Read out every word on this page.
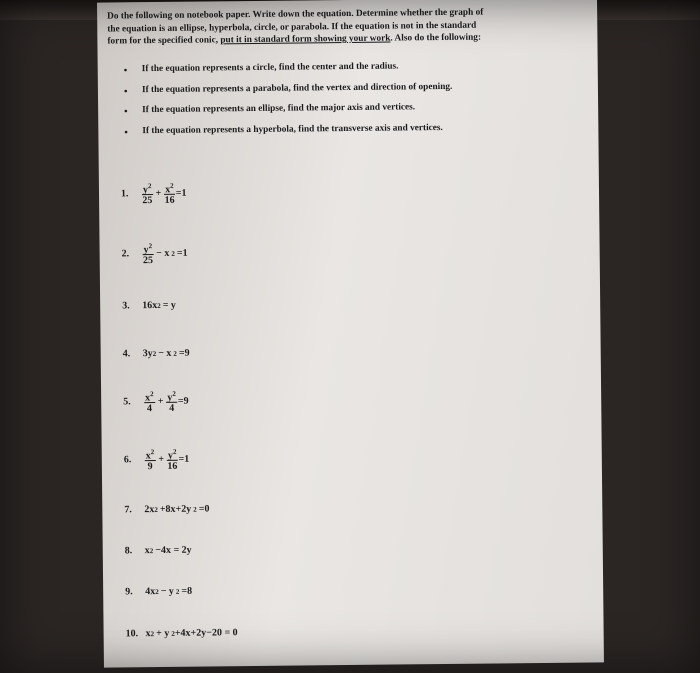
Do the following on notebook paper. Write down the equation. Determine whether the graph of
the equation is an ellipse, hyperbola, circle, or parabola. If the equation is not in the standard
form for the specified conic, put it in standard form showing your work. Also do the following:
• If the equation represents a circle, find the center and the radius.
• If the equation represents a parabola, find the vertex and direction of opening.
• If the equation represents an ellipse, find the major axis and vertices.
• If the equation represents a hyperbola, find the transverse axis and vertices.
1.	$\frac{y^2}{25} + \frac{x^2}{16} =1$
2.	$\frac{y^2}{25} - x$ 2 =1
3.	16x 2 = y
4.	3y 2 − x 2 =9
5.	$\frac{x^2}{4} + \frac{y^2}{4} =9$
6.	$\frac{x^2}{9} + \frac{y^2}{16} =1$
7.	2x 2 +8x+2y 2 =0
8.	x 2 −4x = 2y
9.	4x 2 − y 2 =8
10. x 2 + y 2 +4x+2y−20 = 0
